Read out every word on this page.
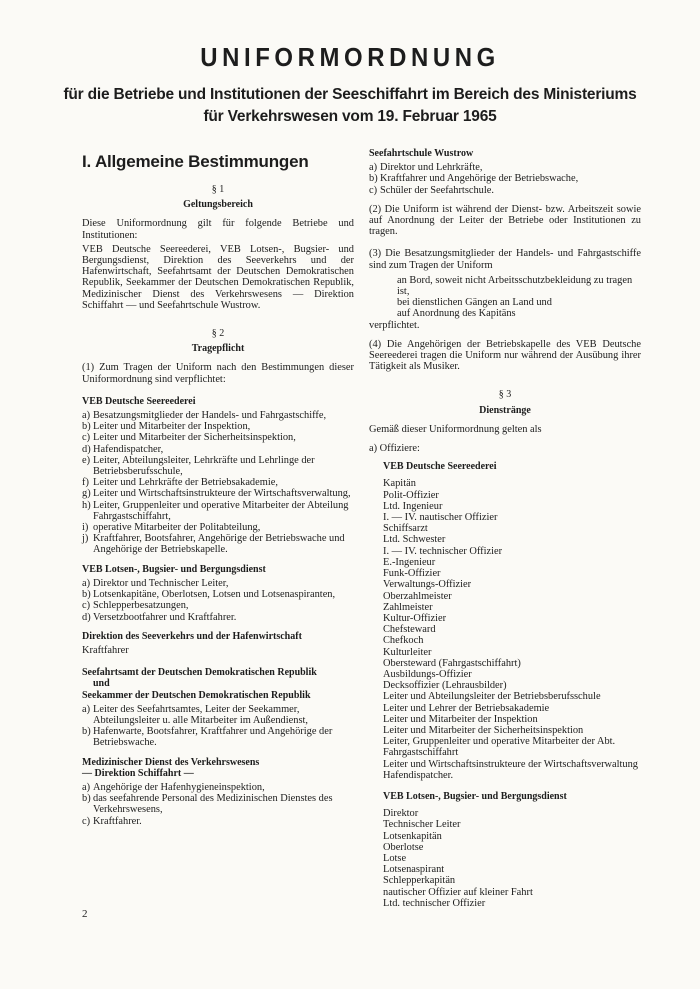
UNIFORMORDNUNG
für die Betriebe und Institutionen der Seeschiffahrt im Bereich des Ministeriums
für Verkehrswesen vom 19. Februar 1965
I. Allgemeine Bestimmungen
§ 1
Geltungsbereich

Diese Uniformordnung gilt für folgende Betriebe und Institutionen:

VEB Deutsche Seereederei, VEB Lotsen-, Bugsier- und Bergungsdienst, Direktion des Seeverkehrs und der Hafenwirtschaft, Seefahrtsamt der Deutschen Demokratischen Republik, Seekammer der Deutschen Demokratischen Republik, Medizinischer Dienst des Verkehrswesens — Direktion Schiffahrt — und Seefahrtschule Wustrow.

§ 2
Tragepflicht

(1) Zum Tragen der Uniform nach den Bestimmungen dieser Uniformordnung sind verpflichtet:

VEB Deutsche Seereederei
a) Besatzungsmitglieder der Handels- und Fahrgastschiffe,
b) Leiter und Mitarbeiter der Inspektion,
c) Leiter und Mitarbeiter der Sicherheitsinspektion,
d) Hafendispatcher,
e) Leiter, Abteilungsleiter, Lehrkräfte und Lehrlinge der Betriebsberufsschule,
f) Leiter und Lehrkräfte der Betriebsakademie,
g) Leiter und Wirtschaftsinstrukteure der Wirtschaftsverwaltung,
h) Leiter, Gruppenleiter und operative Mitarbeiter der Abteilung Fahrgastschiffahrt,
i) operative Mitarbeiter der Politabteilung,
j) Kraftfahrer, Bootsfahrer, Angehörige der Betriebswache und Angehörige der Betriebskapelle.
VEB Lotsen-, Bugsier- und Bergungsdienst
a) Direktor und Technischer Leiter,
b) Lotsenkapitäne, Oberlotsen, Lotsen und Lotsenaspiranten,
c) Schlepperbesatzungen,
d) Versetzbootfahrer und Kraftfahrer.
Direktion des Seeverkehrs und der Hafenwirtschaft
Kraftfahrer
Seefahrtsamt der Deutschen Demokratischen Republik
und
Seekammer der Deutschen Demokratischen Republik
a) Leiter des Seefahrtsamtes, Leiter der Seekammer, Abteilungsleiter u. alle Mitarbeiter im Außendienst,
b) Hafenwarte, Bootsfahrer, Kraftfahrer und Angehörige der Betriebswache.
Medizinischer Dienst des Verkehrswesens
— Direktion Schiffahrt —
a) Angehörige der Hafenhygieneinspektion,
b) das seefahrende Personal des Medizinischen Dienstes des Verkehrswesens,
c) Kraftfahrer.
Seefahrtschule Wustrow
a) Direktor und Lehrkräfte,
b) Kraftfahrer und Angehörige der Betriebswache,
c) Schüler der Seefahrtschule.

(2) Die Uniform ist während der Dienst- bzw. Arbeitszeit sowie auf Anordnung der Leiter der Betriebe oder Institutionen zu tragen.

(3) Die Besatzungsmitglieder der Handels- und Fahrgastschiffe sind zum Tragen der Uniform

an Bord, soweit nicht Arbeitsschutzbekleidung zu tragen ist,
bei dienstlichen Gängen an Land und
auf Anordnung des Kapitäns
verpflichtet.

(4) Die Angehörigen der Betriebskapelle des VEB Deutsche Seereederei tragen die Uniform nur während der Ausübung ihrer Tätigkeit als Musiker.

§ 3
Dienstränge

Gemäß dieser Uniformordnung gelten als

a) Offiziere:
VEB Deutsche Seereederei
Kapitän
Polit-Offizier
Ltd. Ingenieur
I. — IV. nautischer Offizier
Schiffsarzt
Ltd. Schwester
I. — IV. technischer Offizier
E.-Ingenieur
Funk-Offizier
Verwaltungs-Offizier
Oberzahlmeister
Zahlmeister
Kultur-Offizier
Chefsteward
Chefkoch
Kulturleiter
Obersteward (Fahrgastschiffahrt)
Ausbildungs-Offizier
Decksoffizier (Lehrausbilder)
Leiter und Abteilungsleiter der Betriebsberufsschule
Leiter und Lehrer der Betriebsakademie
Leiter und Mitarbeiter der Inspektion
Leiter und Mitarbeiter der Sicherheitsinspektion
Leiter, Gruppenleiter und operative Mitarbeiter der Abt. Fahrgastschiffahrt
Leiter und Wirtschaftsinstrukteure der Wirtschaftsverwaltung
Hafendispatcher.
VEB Lotsen-, Bugsier- und Bergungsdienst
Direktor
Technischer Leiter
Lotsenkapitän
Oberlotse
Lotse
Lotsenaspirant
Schlepperkapitän
nautischer Offizier auf kleiner Fahrt
Ltd. technischer Offizier
2
